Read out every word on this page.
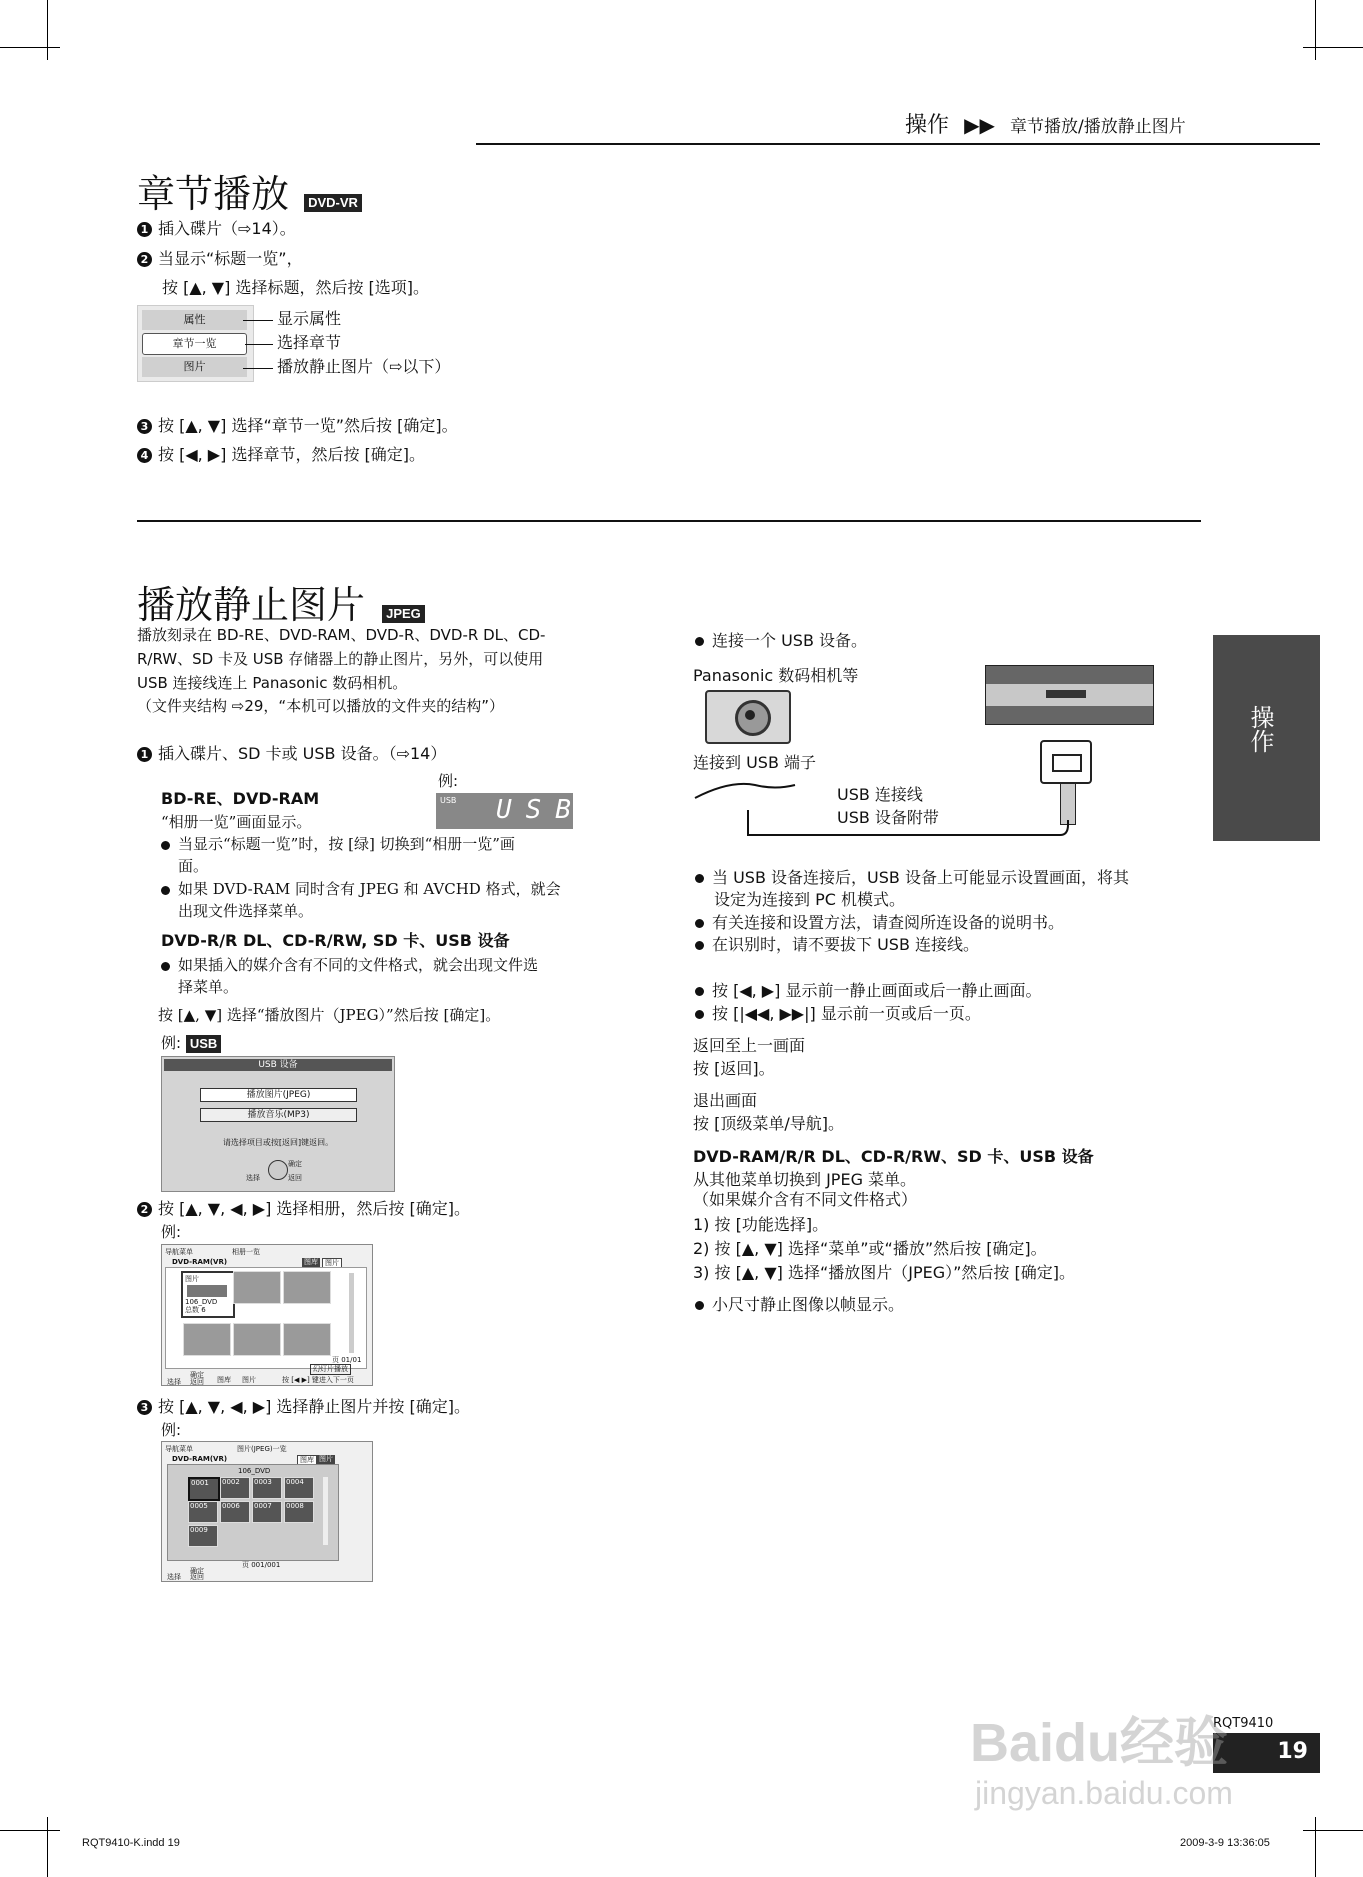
操作 ▶▶ 章节播放/播放静止图片
操作
章节播放 DVD-VR
1 插入碟片（⇨14）。
2 当显示“标题一览”，
按 [▲, ▼] 选择标题，然后按 [选项]。
属性
章节一览
图片
显示属性
选择章节
播放静止图片（⇨以下）
3 按 [▲, ▼] 选择“章节一览”然后按 [确定]。
4 按 [◀, ▶] 选择章节，然后按 [确定]。
播放静止图片 JPEG
播放刻录在 BD-RE、DVD-RAM、DVD-R、DVD-R DL、CD-
R/RW、SD 卡及 USB 存储器上的静止图片，另外，可以使用
USB 连接线连上 Panasonic 数码相机。
（文件夹结构 ⇨29，“本机可以播放的文件夹的结构”）
1 插入碟片、SD 卡或 USB 设备。（⇨14）
例:
USB USB
BD-RE、DVD-RAM
“相册一览”画面显示。
当显示“标题一览”时，按 [绿] 切换到“相册一览”画
面。
如果 DVD-RAM 同时含有 JPEG 和 AVCHD 格式，就会
出现文件选择菜单。
DVD-R/R DL、CD-R/RW, SD 卡、USB 设备
如果插入的媒介含有不同的文件格式，就会出现文件选
择菜单。
按 [▲, ▼] 选择“播放图片（JPEG）”然后按 [确定]。
例: USB
USB 设备
播放图片(JPEG)
播放音乐(MP3)
请选择项目或按[返回]键返回。
确定
选择	返回
2 按 [▲, ▼, ◀, ▶] 选择相册，然后按 [确定]。
例:
导航菜单	相册一览
DVD-RAM(VR)	图库	图片
图片
106_DVD
总数 6
页 01/01
幻灯片播放
确定
选择 返回 图库 图片	按 [◀ ▶] 键进入下一页
3 按 [▲, ▼, ◀, ▶] 选择静止图片并按 [确定]。
例:
导航菜单	图片(JPEG)一览
DVD-RAM(VR)	图库 图片
106_DVD
0001 0002 0003 0004
0005 0006 0007 0008
0009
页 001/001
确定
选择 返回
连接一个 USB 设备。
Panasonic 数码相机等
连接到 USB 端子
USB 连接线
USB 设备附带
当 USB 设备连接后，USB 设备上可能显示设置画面，将其
设定为连接到 PC 机模式。
有关连接和设置方法，请查阅所连设备的说明书。
在识别时，请不要拔下 USB 连接线。
按 [◀, ▶] 显示前一静止画面或后一静止画面。
按 [|◀◀, ▶▶|] 显示前一页或后一页。
返回至上一画面
按 [返回]。
退出画面
按 [顶级菜单/导航]。
DVD-RAM/R/R DL、CD-R/RW、SD 卡、USB 设备
从其他菜单切换到 JPEG 菜单。
（如果媒介含有不同文件格式）
1) 按 [功能选择]。
2) 按 [▲, ▼] 选择“菜单”或“播放”然后按 [确定]。
3) 按 [▲, ▼] 选择“播放图片（JPEG）”然后按 [确定]。
小尺寸静止图像以帧显示。
RQT9410
19
RQT9410-K.indd 19	2009-3-9 13:36:05
Baidu经验
jingyan.baidu.com
